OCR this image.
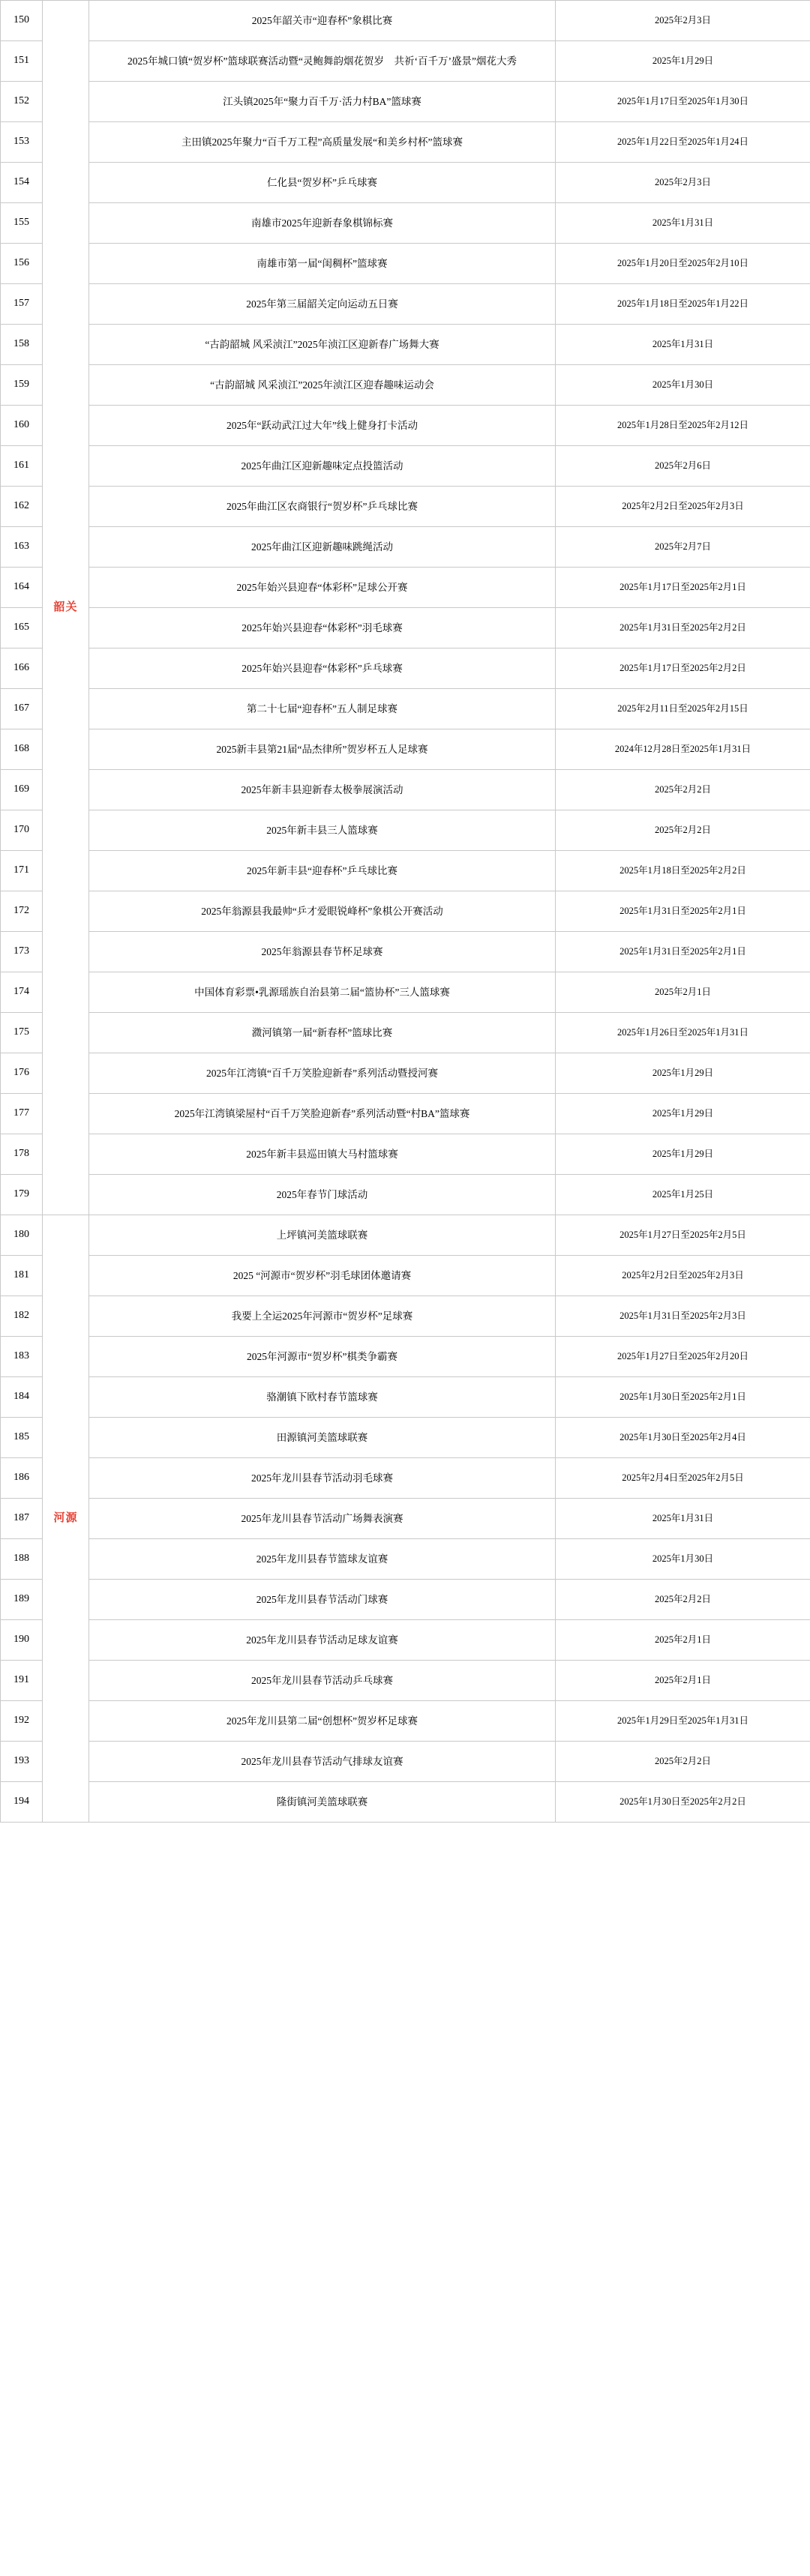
150	韶关	2025年韶关市“迎春杯”象棋比赛	2025年2月3日
151		2025年城口镇“贺岁杯”篮球联赛活动暨“灵鲍舞韵烟花贺岁　共祈‘百千万’盛景”烟花大秀	2025年1月29日
152		江头镇2025年“聚力百千万·活力村BA”篮球赛	2025年1月17日至2025年1月30日
153		主田镇2025年聚力“百千万工程”高质量发展“和美乡村杯”篮球赛	2025年1月22日至2025年1月24日
154		仁化县“贺岁杯”乒乓球赛	2025年2月3日
155		南雄市2025年迎新春象棋锦标赛	2025年1月31日
156		南雄市第一届“闺稠杯”篮球赛	2025年1月20日至2025年2月10日
157		2025年第三届韶关定向运动五日赛	2025年1月18日至2025年1月22日
158		“古韵韶城 风采浈江”2025年浈江区迎新春广场舞大赛	2025年1月31日
159		“古韵韶城 风采浈江”2025年浈江区迎春趣味运动会	2025年1月30日
160		2025年“跃动武江过大年”线上健身打卡活动	2025年1月28日至2025年2月12日
161		2025年曲江区迎新趣味定点投篮活动	2025年2月6日
162		2025年曲江区农商银行“贺岁杯”乒乓球比赛	2025年2月2日至2025年2月3日
163		2025年曲江区迎新趣味跳绳活动	2025年2月7日
164		2025年始兴县迎春“体彩杯”足球公开赛	2025年1月17日至2025年2月1日
165		2025年始兴县迎春“体彩杯”羽毛球赛	2025年1月31日至2025年2月2日
166		2025年始兴县迎春“体彩杯”乒乓球赛	2025年1月17日至2025年2月2日
167		第二十七届“迎春杯”五人制足球赛	2025年2月11日至2025年2月15日
168		2025新丰县第21届“品杰律所”贺岁杯五人足球赛	2024年12月28日至2025年1月31日
169		2025年新丰县迎新春太极拳展演活动	2025年2月2日
170		2025年新丰县三人篮球赛	2025年2月2日
171		2025年新丰县“迎春杯”乒乓球比赛	2025年1月18日至2025年2月2日
172		2025年翁源县我最帅“乒才爱眼锐峰杯”象棋公开赛活动	2025年1月31日至2025年2月1日
173		2025年翁源县春节杯足球赛	2025年1月31日至2025年2月1日
174		中国体育彩票•乳源瑶族自治县第二届“篮协杯”三人篮球赛	2025年2月1日
175		瀓河镇第一届“新春杯”篮球比赛	2025年1月26日至2025年1月31日
176		2025年江湾镇“百千万笑脸迎新春”系列活动暨授河赛	2025年1月29日
177		2025年江湾镇梁屋村“百千万笑脸迎新春”系列活动暨“村BA”篮球赛	2025年1月29日
178		2025年新丰县巡田镇大马村篮球赛	2025年1月29日
179		2025年春节门球活动	2025年1月25日
180	河源	上坪镇河美篮球联赛	2025年1月27日至2025年2月5日
181		2025 “河源市“贺岁杯”羽毛球团体邀请赛	2025年2月2日至2025年2月3日
182		我要上全运2025年河源市“贺岁杯”足球赛	2025年1月31日至2025年2月3日
183		2025年河源市“贺岁杯”棋类争霸赛	2025年1月27日至2025年2月20日
184		骆潮镇下欧村春节篮球赛	2025年1月30日至2025年2月1日
185		田源镇河美篮球联赛	2025年1月30日至2025年2月4日
186		2025年龙川县春节活动羽毛球赛	2025年2月4日至2025年2月5日
187		2025年龙川县春节活动广场舞表演赛	2025年1月31日
188		2025年龙川县春节篮球友谊赛	2025年1月30日
189		2025年龙川县春节活动门球赛	2025年2月2日
190		2025年龙川县春节活动足球友谊赛	2025年2月1日
191		2025年龙川县春节活动乒乓球赛	2025年2月1日
192		2025年龙川县第二届“创想杯”贺岁杯足球赛	2025年1月29日至2025年1月31日
193		2025年龙川县春节活动气排球友谊赛	2025年2月2日
194		隆街镇河美篮球联赛	2025年1月30日至2025年2月2日
